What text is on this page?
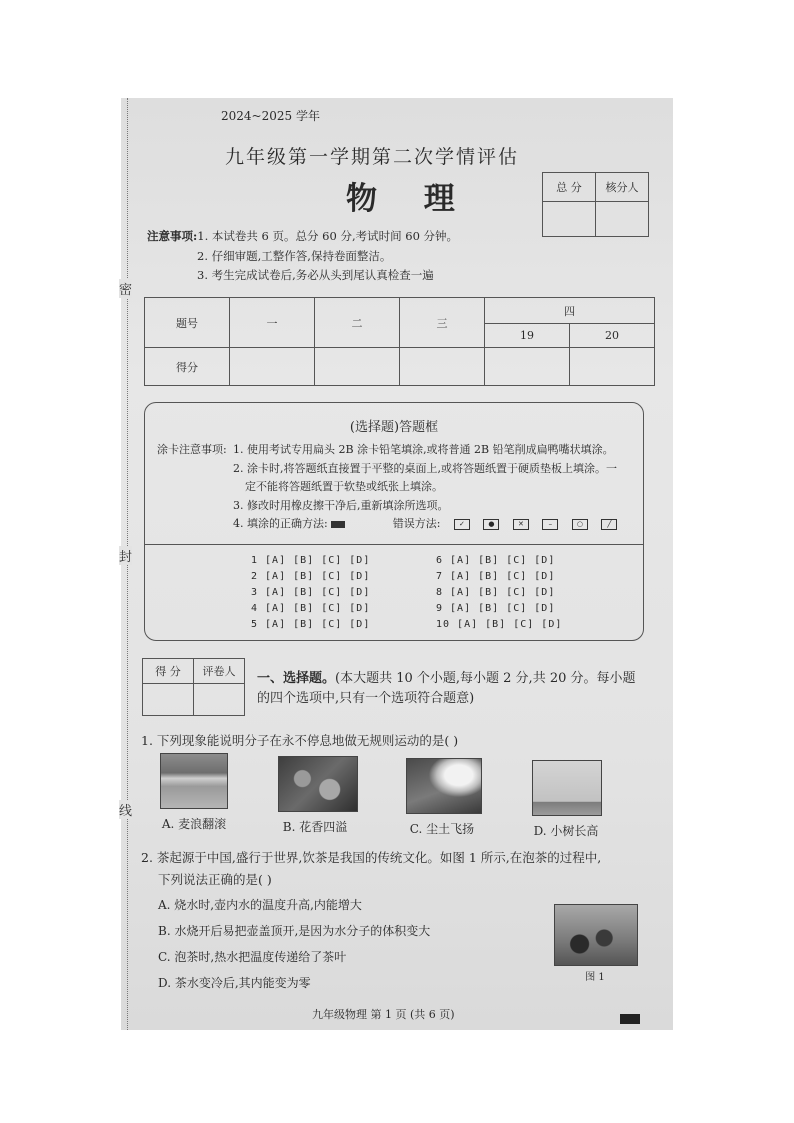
密
封
线
2024~2025 学年
九年级第一学期第二次学情评估
物 理	总 分	核分人

注意事项:1. 本试卷共 6 页。总分 60 分,考试时间 60 分钟。
2. 仔细审题,工整作答,保持卷面整洁。
3. 考生完成试卷后,务必从头到尾认真检查一遍
题号	一	二	三	四	
				19	20
得分					
(选择题)答题框
涂卡注意事项: 1. 使用考试专用扁头 2B 涂卡铅笔填涂,或将普通 2B 铅笔削成扁鸭嘴状填涂。
2. 涂卡时,将答题纸直接置于平整的桌面上,或将答题纸置于硬质垫板上填涂。一
定不能将答题纸置于软垫或纸张上填涂。
3. 修改时用橡皮擦干净后,重新填涂所选项。
4. 填涂的正确方法:	错误方法:	✓	●	✕	–	○	╱
1 [A] [B] [C] [D]
2 [A] [B] [C] [D]
3 [A] [B] [C] [D]
4 [A] [B] [C] [D]
5 [A] [B] [C] [D]
6 [A] [B] [C] [D]
7 [A] [B] [C] [D]
8 [A] [B] [C] [D]
9 [A] [B] [C] [D]
10 [A] [B] [C] [D]
得 分	评卷人
	一、选择题。(本大题共 10 个小题,每小题 2 分,共 20 分。每小题的四个选项中,只有一个选项符合题意)
1. 下列现象能说明分子在永不停息地做无规则运动的是( )
A. 麦浪翻滚	B. 花香四溢	C. 尘土飞扬	D. 小树长高
2. 茶起源于中国,盛行于世界,饮茶是我国的传统文化。如图 1 所示,在泡茶的过程中,
下列说法正确的是( )
A. 烧水时,壶内水的温度升高,内能增大
B. 水烧开后易把壶盖顶开,是因为水分子的体积变大
C. 泡茶时,热水把温度传递给了茶叶
D. 茶水变冷后,其内能变为零	图 1
九年级物理 第 1 页 (共 6 页)
